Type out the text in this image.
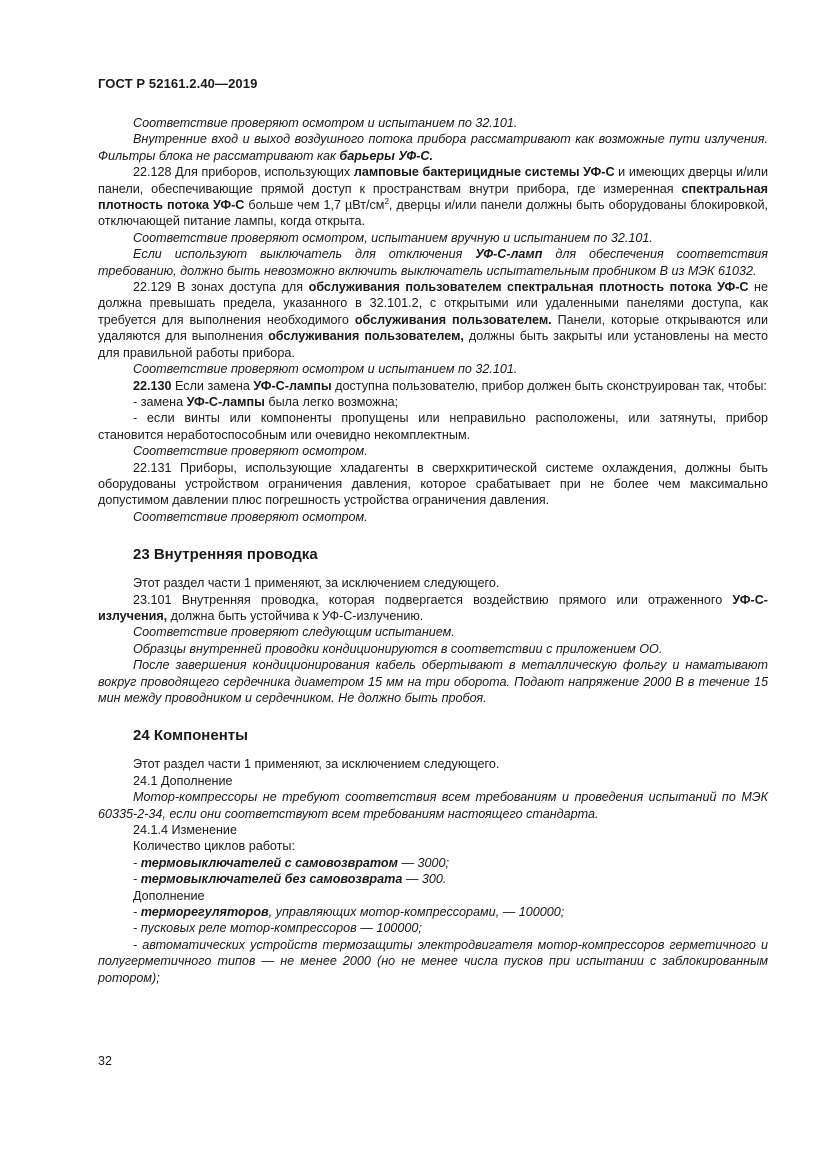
ГОСТ Р 52161.2.40—2019

Соответствие проверяют осмотром и испытанием по 32.101.

Внутренние вход и выход воздушного потока прибора рассматривают как возможные пути излучения. Фильтры блока не рассматривают как барьеры УФ-С.

22.128 Для приборов, использующих ламповые бактерицидные системы УФ-С и имеющих дверцы и/или панели, обеспечивающие прямой доступ к пространствам внутри прибора, где измеренная спектральная плотность потока УФ-С больше чем 1,7 µВт/$см^2$, дверцы и/или панели должны быть оборудованы блокировкой, отключающей питание лампы, когда открыта.

Соответствие проверяют осмотром, испытанием вручную и испытанием по 32.101.

Если используют выключатель для отключения УФ-С-ламп для обеспечения соответствия требованию, должно быть невозможно включить выключатель испытательным пробником B из МЭК 61032.

22.129 В зонах доступа для обслуживания пользователем спектральная плотность потока УФ-С не должна превышать предела, указанного в 32.101.2, с открытыми или удаленными панелями доступа, как требуется для выполнения необходимого обслуживания пользователем. Панели, которые открываются или удаляются для выполнения обслуживания пользователем, должны быть закрыты или установлены на место для правильной работы прибора.

Соответствие проверяют осмотром и испытанием по 32.101.

22.130 Если замена УФ-С-лампы доступна пользователю, прибор должен быть сконструирован так, чтобы:

- замена УФ-С-лампы была легко возможна;

- если винты или компоненты пропущены или неправильно расположены, или затянуты, прибор становится неработоспособным или очевидно некомплектным.

Соответствие проверяют осмотром.

22.131 Приборы, использующие хладагенты в сверхкритической системе охлаждения, должны быть оборудованы устройством ограничения давления, которое срабатывает при не более чем максимально допустимом давлении плюс погрешность устройства ограничения давления.

Соответствие проверяют осмотром.

23 Внутренняя проводка

Этот раздел части 1 применяют, за исключением следующего.

23.101 Внутренняя проводка, которая подвергается воздействию прямого или отраженного УФ-С-излучения, должна быть устойчива к УФ-С-излучению.

Соответствие проверяют следующим испытанием.

Образцы внутренней проводки кондиционируются в соответствии с приложением ОО.

После завершения кондиционирования кабель обертывают в металлическую фольгу и наматывают вокруг проводящего сердечника диаметром 15 мм на три оборота. Подают напряжение 2000 В в течение 15 мин между проводником и сердечником. Не должно быть пробоя.

24 Компоненты

Этот раздел части 1 применяют, за исключением следующего.

24.1 Дополнение

Мотор-компрессоры не требуют соответствия всем требованиям и проведения испытаний по МЭК 60335-2-34, если они соответствуют всем требованиям настоящего стандарта.

24.1.4 Изменение

Количество циклов работы:

- термовыключателей с самовозвратом — 3000;

- термовыключателей без самовозврата — 300.

Дополнение

- терморегуляторов, управляющих мотор-компрессорами, — 100000;

- пусковых реле мотор-компрессоров — 100000;

- автоматических устройств термозащиты электродвигателя мотор-компрессоров герметичного и полугерметичного типов — не менее 2000 (но не менее числа пусков при испытании с заблокированным ротором);

32
